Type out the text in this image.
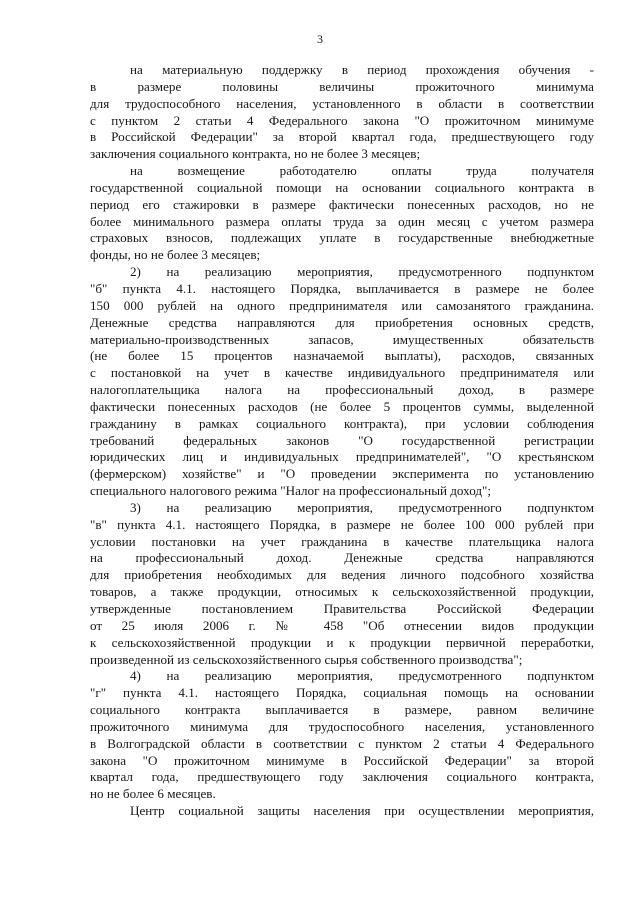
3
на материальную поддержку в период прохождения обучения -
в размере половины величины прожиточного минимума
для трудоспособного населения, установленного в области в соответствии
с пунктом 2 статьи 4 Федерального закона "О прожиточном минимуме
в Российской Федерации" за второй квартал года, предшествующего году
заключения социального контракта, но не более 3 месяцев;
на возмещение работодателю оплаты труда получателя
государственной социальной помощи на основании социального контракта в
период его стажировки в размере фактически понесенных расходов, но не
более минимального размера оплаты труда за один месяц с учетом размера
страховых взносов, подлежащих уплате в государственные внебюджетные
фонды, но не более 3 месяцев;
2) на реализацию мероприятия, предусмотренного подпунктом
"б" пункта 4.1. настоящего Порядка, выплачивается в размере не более
150 000 рублей на одного предпринимателя или самозанятого гражданина.
Денежные средства направляются для приобретения основных средств,
материально-производственных запасов, имущественных обязательств
(не более 15 процентов назначаемой выплаты), расходов, связанных
с постановкой на учет в качестве индивидуального предпринимателя или
налогоплательщика налога на профессиональный доход, в размере
фактически понесенных расходов (не более 5 процентов суммы, выделенной
гражданину в рамках социального контракта), при условии соблюдения
требований федеральных законов "О государственной регистрации
юридических лиц и индивидуальных предпринимателей", "О крестьянском
(фермерском) хозяйстве" и "О проведении эксперимента по установлению
специального налогового режима "Налог на профессиональный доход";
3) на реализацию мероприятия, предусмотренного подпунктом
"в" пункта 4.1. настоящего Порядка, в размере не более 100 000 рублей при
условии постановки на учет гражданина в качестве плательщика налога
на профессиональный доход. Денежные средства направляются
для приобретения необходимых для ведения личного подсобного хозяйства
товаров, а также продукции, относимых к сельскохозяйственной продукции,
утвержденные постановлением Правительства Российской Федерации
от 25 июля 2006 г. № 458 "Об отнесении видов продукции
к сельскохозяйственной продукции и к продукции первичной переработки,
произведенной из сельскохозяйственного сырья собственного производства";
4) на реализацию мероприятия, предусмотренного подпунктом
"г" пункта 4.1. настоящего Порядка, социальная помощь на основании
социального контракта выплачивается в размере, равном величине
прожиточного минимума для трудоспособного населения, установленного
в Волгоградской области в соответствии с пунктом 2 статьи 4 Федерального
закона "О прожиточном минимуме в Российской Федерации" за второй
квартал года, предшествующего году заключения социального контракта,
но не более 6 месяцев.
Центр социальной защиты населения при осуществлении мероприятия,
